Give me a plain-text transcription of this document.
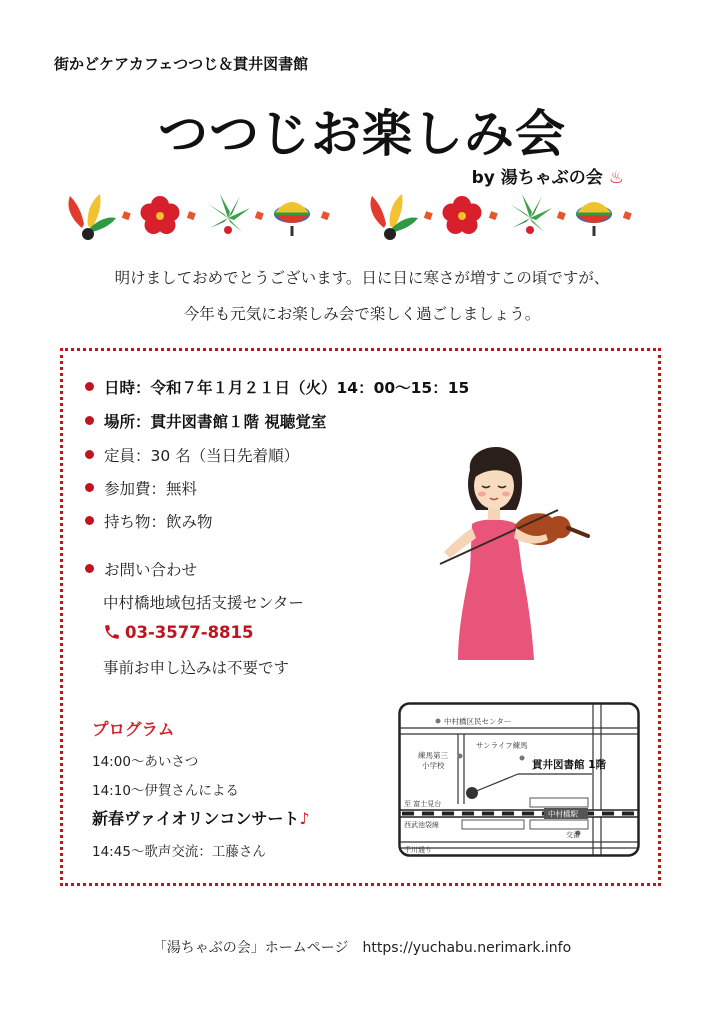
街かどケアカフェつつじ＆貫井図書館
つつじお楽しみ会
by 湯ちゃぶの会 ♨
明けましておめでとうございます。日に日に寒さが増すこの頃ですが、
今年も元気にお楽しみ会で楽しく過ごしましょう。
日時：令和７年１月２１日（火）14：00～15：15
場所：貫井図書館１階 視聴覚室
定員：30 名（当日先着順）
参加費：無料
持ち物：飲み物
お問い合わせ
中村橋地域包括支援センター
03-3577-8815
事前お申し込みは不要です
プログラム
14:00～あいさつ
14:10～伊賀さんによる
新春ヴァイオリンコンサート♪
14:45～歌声交流：工藤さん
中村橋区民センター
練馬第三
小学校
サンライフ練馬
貫井図書館 1階
至 富士見台
中村橋駅
西武池袋線
交番
千川通り
「湯ちゃぶの会」ホームページ https://yuchabu.nerimark.info
